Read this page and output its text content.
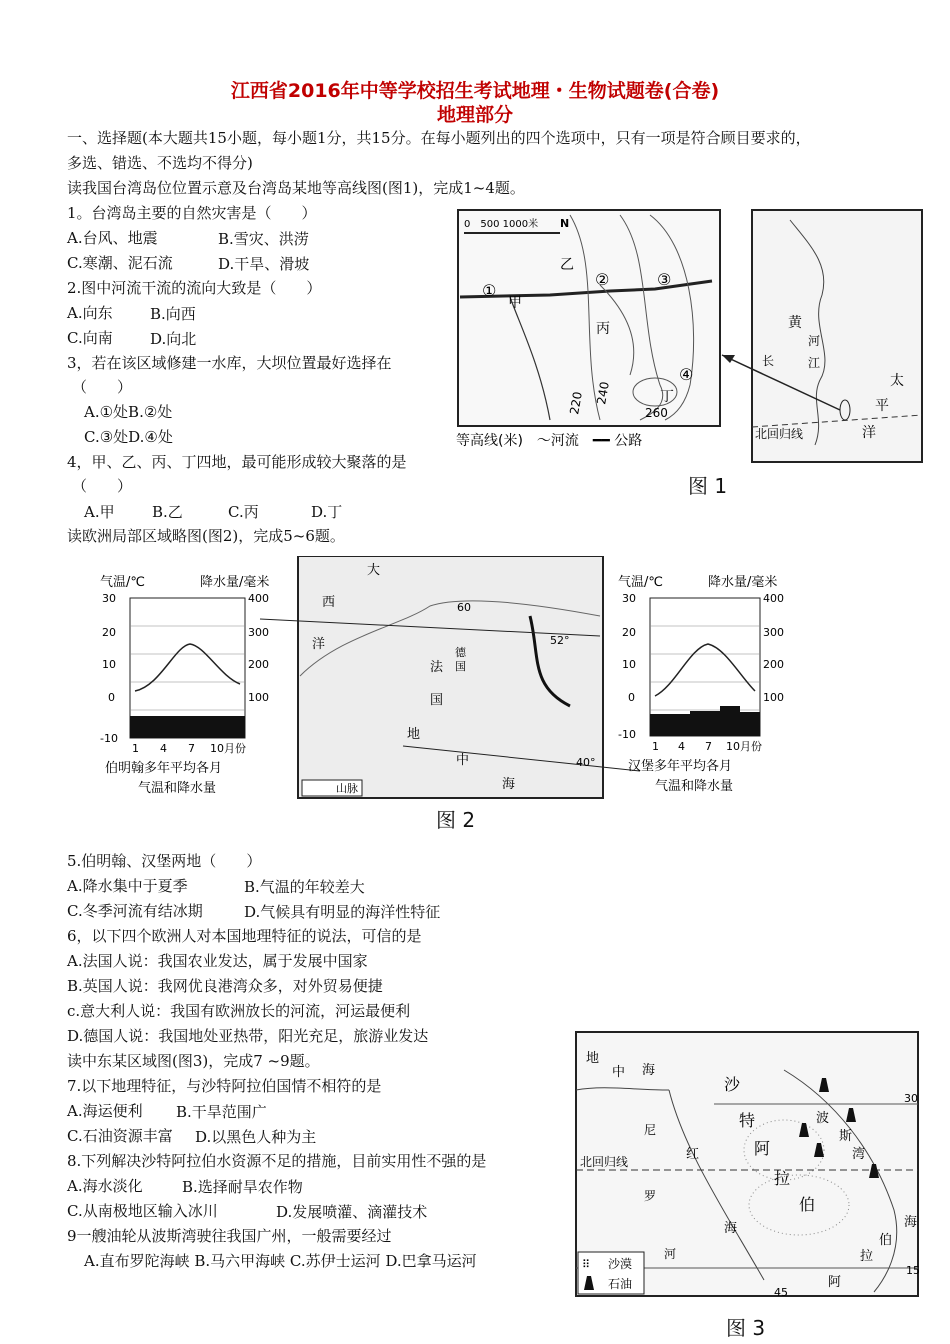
江西省2016年中等学校招生考试地理・生物试题卷(合卷)
地理部分
一、选择题(本大题共15小题，每小题1分，共15分。在每小题列出的四个选项中，只有一项是符合顾目要求的，
多选、错选、不选均不得分)
读我国台湾岛位位置示意及台湾岛某地等高线图(图1)，完成1~4题。
1。台湾岛主要的自然灾害是（　　）
A.台风、地震	B.雪灾、洪涝
C.寒潮、泥石流	D.干旱、滑坡
2.图中河流干流的流向大致是（　　）
A.向东 B.向西
C.向南 D.向北
3，若在该区域修建一水库，大坝位置最好选择在
（　　）
A.①处B.②处
C.③处D.④处
4，甲、乙、丙、丁四地，最可能形成较大聚落的是
（　　）
A.甲 B.乙	C.丙	D.丁
读欧洲局部区域略图(图2)，完成5~6题。
0　500 1000米 N
①
②	③
④
甲
乙
丙
丁
220 240
260
等高线(米)　～河流　━━ 公路
黄
河
长	江
太
平
洋
北回归线
图 1
气温/℃	降水量/毫米
30
20
10
0
-10
400
300
200
100
1 4 7 10月份
伯明翰多年平均各月
气温和降水量
大
西
洋
法
国
德
国
地
中
海
60
52°
40°
山脉
气温/℃	降水量/毫米
30
20
10
0
-10
400
300
200
100
1 4 7 10月份
汉堡多年平均各月
气温和降水量
图 2
5.伯明翰、汉堡两地（　　）
A.降水集中于夏季	B.气温的年较差大
C.冬季河流有结冰期	D.气候具有明显的海洋性特征
6，以下四个欧洲人对本国地理特征的说法，可信的是
A.法国人说：我国农业发达，属于发展中国家
B.英国人说：我网优良港湾众多，对外贸易便捷
c.意大利人说：我国有欧洲放长的河流，河运最便利
D.德国人说：我国地处亚热带，阳光充足，旅游业发达
读中东某区域图(图3)，完成7 ~9题。
7.以下地理特征，与沙特阿拉伯国情不相符的是
A.海运便利 B.干旱范围广
C.石油资源丰富 D.以黑色人种为主
8.下列解决沙特阿拉伯水资源不足的措施，目前实用性不强的是
A.海水淡化	B.选择耐旱农作物
C.从南极地区输入冰川	D.发展喷灌、滴灌技术
9一艘油轮从波斯湾驶往我国广州，一般需要经过
A.直布罗陀海峡 B.马六甲海峡 C.苏伊士运河 D.巴拿马运河
地
中 海
沙
特
阿
拉
伯
波
斯
湾
尼
罗
河
红
海
北回归线
拉
伯
阿
海
30
15
45
⠿ 沙漠
石油
图 3
